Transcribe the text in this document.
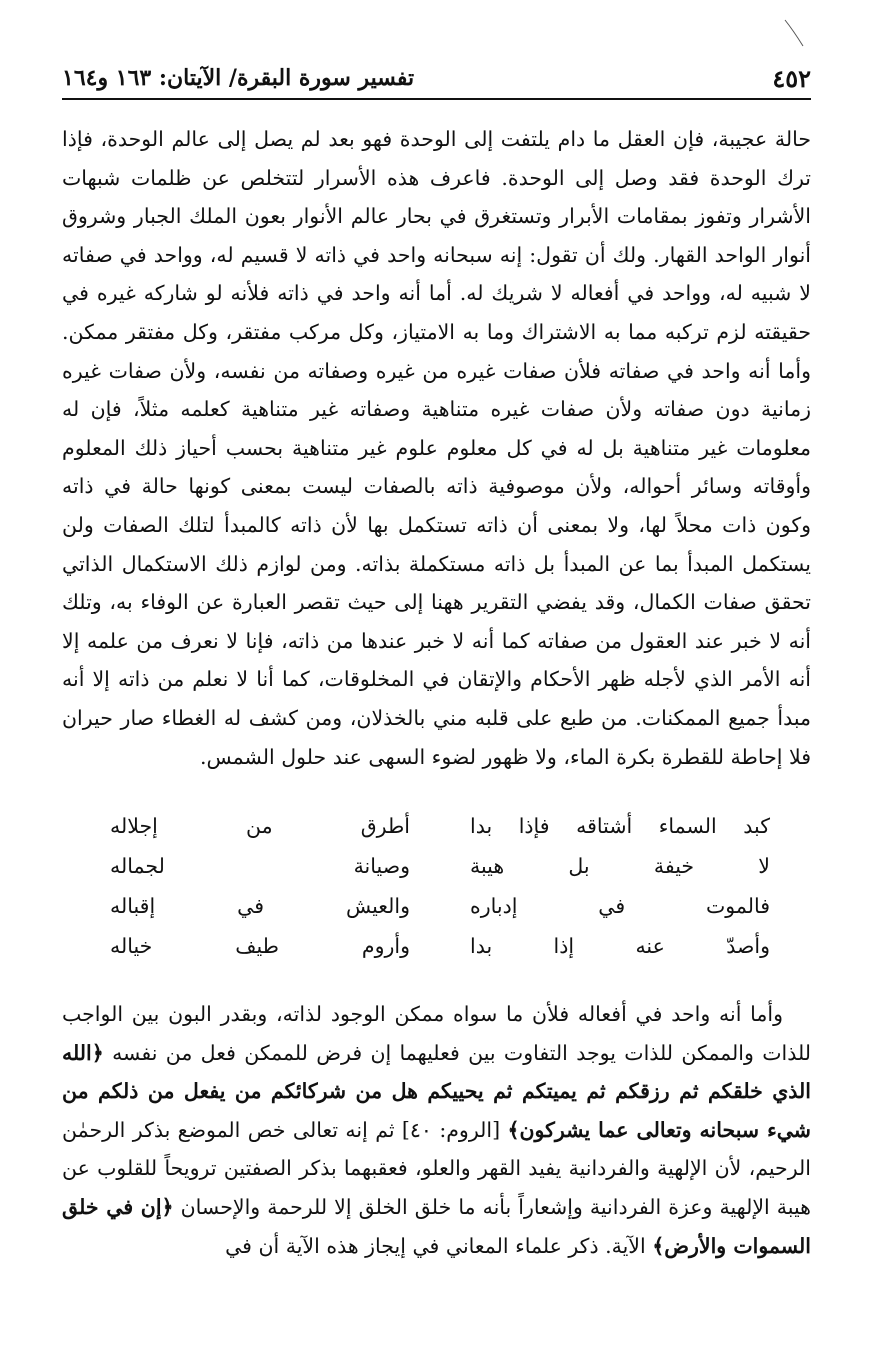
٤٥٢
تفسير سورة البقرة/ الآيتان: ١٦٣ و١٦٤
حالة عجيبة، فإن العقل ما دام يلتفت إلى الوحدة فهو بعد لم يصل إلى عالم الوحدة، فإذا ترك الوحدة فقد وصل إلى الوحدة. فاعرف هذه الأسرار لتتخلص عن ظلمات شبهات الأشرار وتفوز بمقامات الأبرار وتستغرق في بحار عالم الأنوار بعون الملك الجبار وشروق أنوار الواحد القهار. ولك أن تقول: إنه سبحانه واحد في ذاته لا قسيم له، وواحد في صفاته لا شبيه له، وواحد في أفعاله لا شريك له. أما أنه واحد في ذاته فلأنه لو شاركه غيره في حقيقته لزم تركبه مما به الاشتراك وما به الامتياز، وكل مركب مفتقر، وكل مفتقر ممكن. وأما أنه واحد في صفاته فلأن صفات غيره من غيره وصفاته من نفسه، ولأن صفات غيره زمانية دون صفاته ولأن صفات غيره متناهية وصفاته غير متناهية كعلمه مثلاً، فإن له معلومات غير متناهية بل له في كل معلوم علوم غير متناهية بحسب أحياز ذلك المعلوم وأوقاته وسائر أحواله، ولأن موصوفية ذاته بالصفات ليست بمعنى كونها حالة في ذاته وكون ذات محلاً لها، ولا بمعنى أن ذاته تستكمل بها لأن ذاته كالمبدأ لتلك الصفات ولن يستكمل المبدأ بما عن المبدأ بل ذاته مستكملة بذاته. ومن لوازم ذلك الاستكمال الذاتي تحقق صفات الكمال، وقد يفضي التقرير ههنا إلى حيث تقصر العبارة عن الوفاء به، وتلك أنه لا خبر عند العقول من صفاته كما أنه لا خبر عندها من ذاته، فإنا لا نعرف من علمه إلا أنه الأمر الذي لأجله ظهر الأحكام والإتقان في المخلوقات، كما أنا لا نعلم من ذاته إلا أنه مبدأ جميع الممكنات. من طبع على قلبه مني بالخذلان، ومن كشف له الغطاء صار حيران فلا إحاطة للقطرة بكرة الماء، ولا ظهور لضوء السهى عند حلول الشمس.
كبد السماء أشتاقه فإذا بدا
أطرق من إجلاله
لا خيفة بل هيبة
وصيانة لجماله
فالموت في إدباره
والعيش في إقباله
وأصدّ عنه إذا بدا
وأروم طيف خياله
وأما أنه واحد في أفعاله فلأن ما سواه ممكن الوجود لذاته، وبقدر البون بين الواجب للذات والممكن للذات يوجد التفاوت بين فعليهما إن فرض للممكن فعل من نفسه ﴿الله الذي خلقكم ثم رزقكم ثم يميتكم ثم يحييكم هل من شركائكم من يفعل من ذلكم من شيء سبحانه وتعالى عما يشركون﴾ [الروم: ٤٠] ثم إنه تعالى خص الموضع بذكر الرحمٰن الرحيم، لأن الإلهية والفردانية يفيد القهر والعلو، فعقبهما بذكر الصفتين ترويحاً للقلوب عن هيبة الإلهية وعزة الفردانية وإشعاراً بأنه ما خلق الخلق إلا للرحمة والإحسان ﴿إن في خلق السموات والأرض﴾ الآية. ذكر علماء المعاني في إيجاز هذه الآية أن في
